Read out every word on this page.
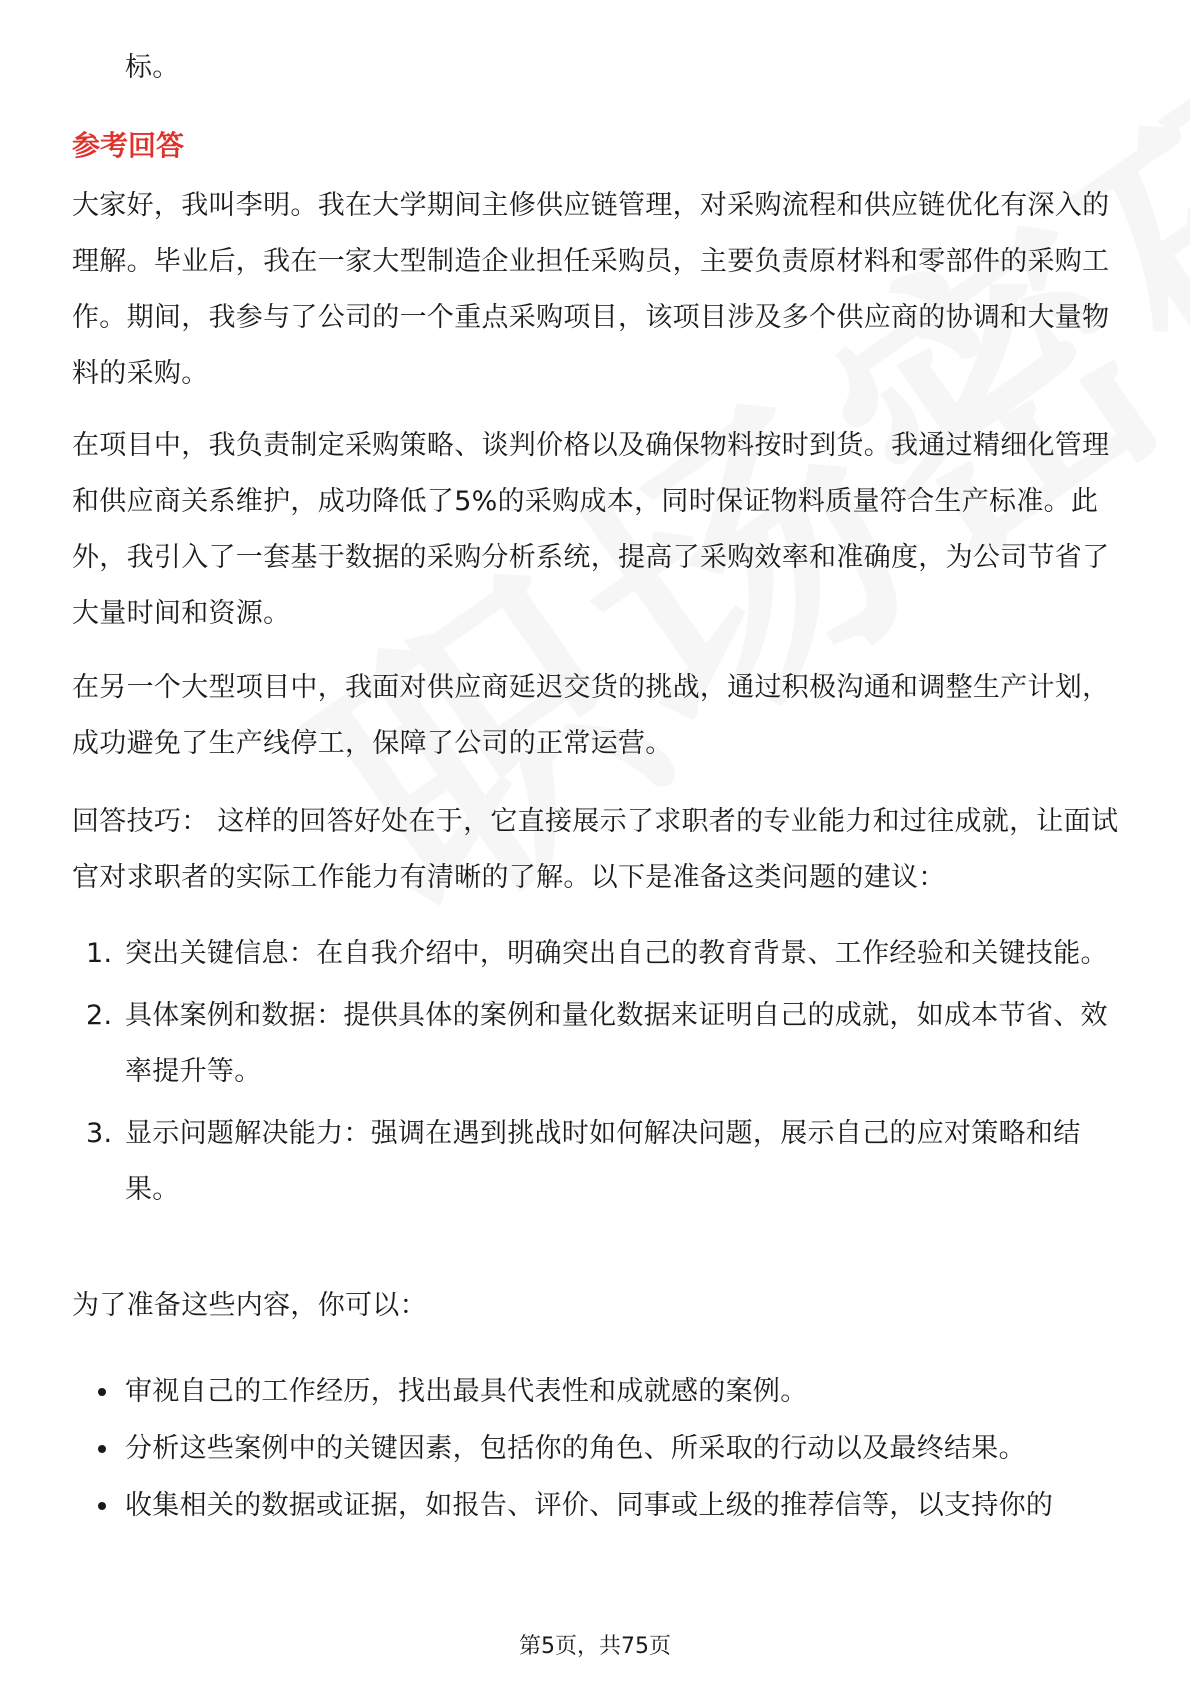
标。

参考回答

大家好，我叫李明。我在大学期间主修供应链管理，对采购流程和供应链优化有深入的理解。毕业后，我在一家大型制造企业担任采购员，主要负责原材料和零部件的采购工作。期间，我参与了公司的一个重点采购项目，该项目涉及多个供应商的协调和大量物料的采购。

在项目中，我负责制定采购策略、谈判价格以及确保物料按时到货。我通过精细化管理和供应商关系维护，成功降低了5%的采购成本，同时保证物料质量符合生产标准。此外，我引入了一套基于数据的采购分析系统，提高了采购效率和准确度，为公司节省了大量时间和资源。

在另一个大型项目中，我面对供应商延迟交货的挑战，通过积极沟通和调整生产计划，成功避免了生产线停工，保障了公司的正常运营。

回答技巧： 这样的回答好处在于，它直接展示了求职者的专业能力和过往成就，让面试官对求职者的实际工作能力有清晰的了解。以下是准备这类问题的建议：

1. 突出关键信息：在自我介绍中，明确突出自己的教育背景、工作经验和关键技能。
2. 具体案例和数据：提供具体的案例和量化数据来证明自己的成就，如成本节省、效率提升等。
3. 显示问题解决能力：强调在遇到挑战时如何解决问题，展示自己的应对策略和结果。

为了准备这些内容，你可以：

审视自己的工作经历，找出最具代表性和成就感的案例。
分析这些案例中的关键因素，包括你的角色、所采取的行动以及最终结果。
收集相关的数据或证据，如报告、评价、同事或上级的推荐信等，以支持你的
第5页，共75页
